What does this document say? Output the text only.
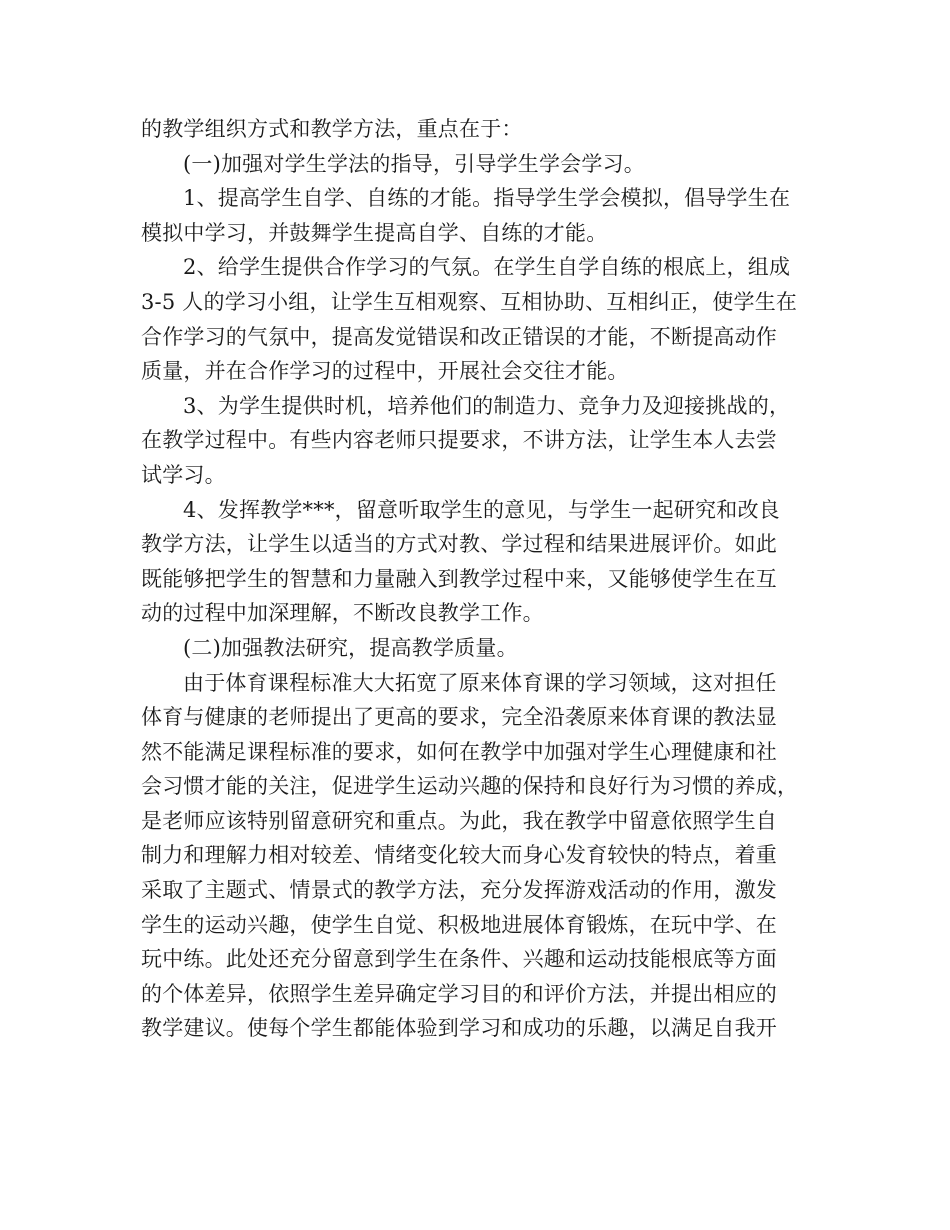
的教学组织方式和教学方法，重点在于：
(一)加强对学生学法的指导，引导学生学会学习。
1、提高学生自学、自练的才能。指导学生学会模拟，倡导学生在
模拟中学习，并鼓舞学生提高自学、自练的才能。
2、给学生提供合作学习的气氛。在学生自学自练的根底上，组成
3-5 人的学习小组，让学生互相观察、互相协助、互相纠正，使学生在
合作学习的气氛中，提高发觉错误和改正错误的才能，不断提高动作
质量，并在合作学习的过程中，开展社会交往才能。
3、为学生提供时机，培养他们的制造力、竞争力及迎接挑战的，
在教学过程中。有些内容老师只提要求，不讲方法，让学生本人去尝
试学习。
4、发挥教学***，留意听取学生的意见，与学生一起研究和改良
教学方法，让学生以适当的方式对教、学过程和结果进展评价。如此
既能够把学生的智慧和力量融入到教学过程中来，又能够使学生在互
动的过程中加深理解，不断改良教学工作。
(二)加强教法研究，提高教学质量。
由于体育课程标准大大拓宽了原来体育课的学习领域，这对担任
体育与健康的老师提出了更高的要求，完全沿袭原来体育课的教法显
然不能满足课程标准的要求，如何在教学中加强对学生心理健康和社
会习惯才能的关注，促进学生运动兴趣的保持和良好行为习惯的养成，
是老师应该特别留意研究和重点。为此，我在教学中留意依照学生自
制力和理解力相对较差、情绪变化较大而身心发育较快的特点，着重
采取了主题式、情景式的教学方法，充分发挥游戏活动的作用，激发
学生的运动兴趣，使学生自觉、积极地进展体育锻炼，在玩中学、在
玩中练。此处还充分留意到学生在条件、兴趣和运动技能根底等方面
的个体差异，依照学生差异确定学习目的和评价方法，并提出相应的
教学建议。使每个学生都能体验到学习和成功的乐趣，以满足自我开
